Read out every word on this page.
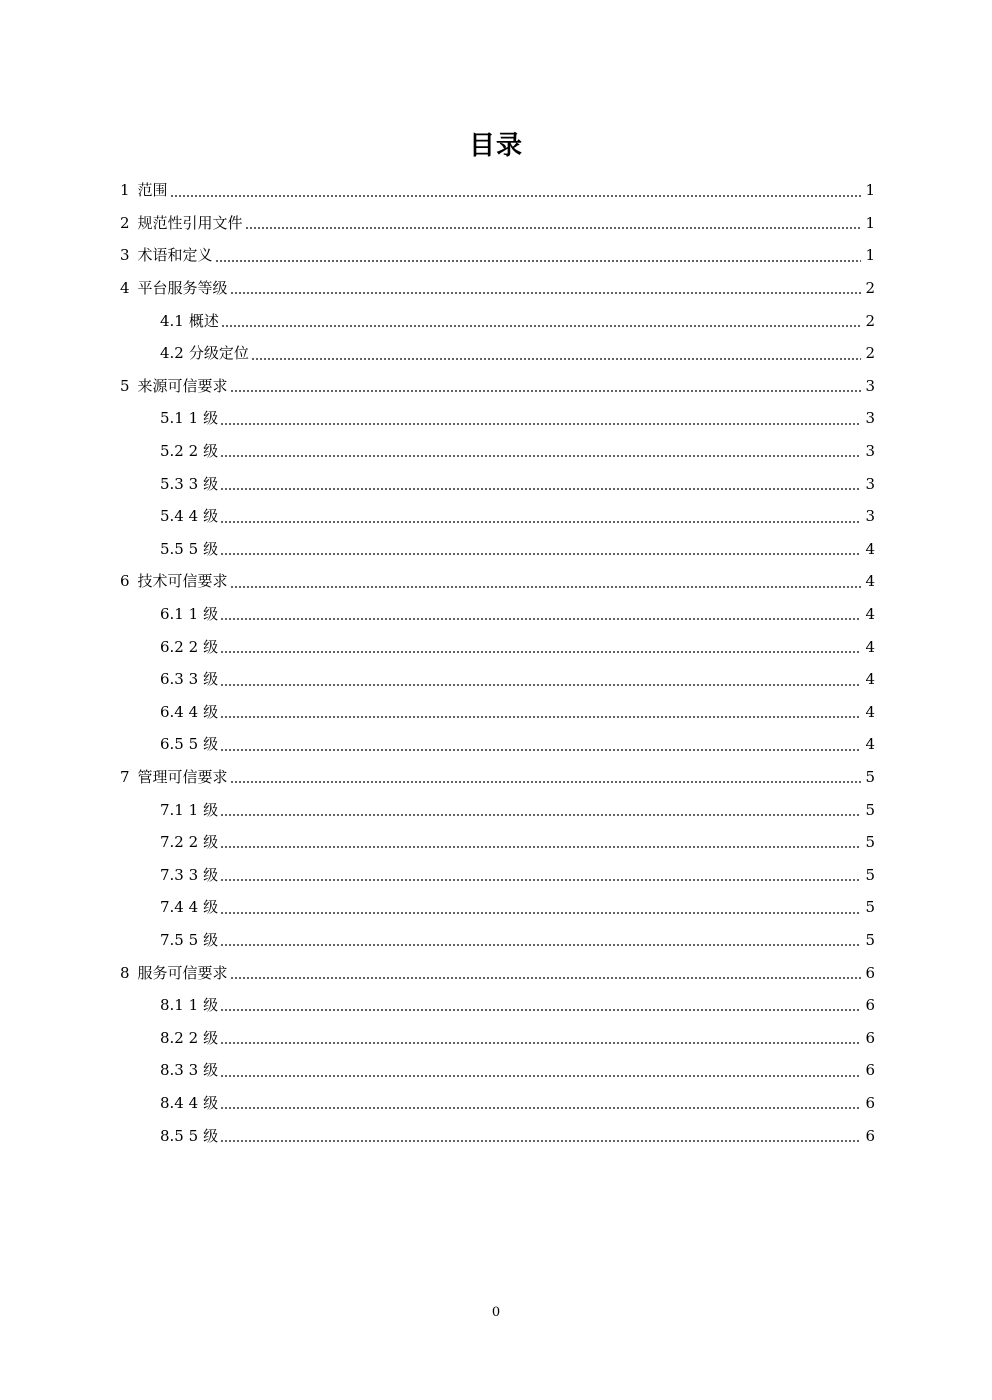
目录
1 范围	1
2 规范性引用文件	1
3 术语和定义	1
4 平台服务等级	2
4.1 概述	2
4.2 分级定位	2
5 来源可信要求	3
5.1 1 级	3
5.2 2 级	3
5.3 3 级	3
5.4 4 级	3
5.5 5 级	4
6 技术可信要求	4
6.1 1 级	4
6.2 2 级	4
6.3 3 级	4
6.4 4 级	4
6.5 5 级	4
7 管理可信要求	5
7.1 1 级	5
7.2 2 级	5
7.3 3 级	5
7.4 4 级	5
7.5 5 级	5
8 服务可信要求	6
8.1 1 级	6
8.2 2 级	6
8.3 3 级	6
8.4 4 级	6
8.5 5 级	6
0
